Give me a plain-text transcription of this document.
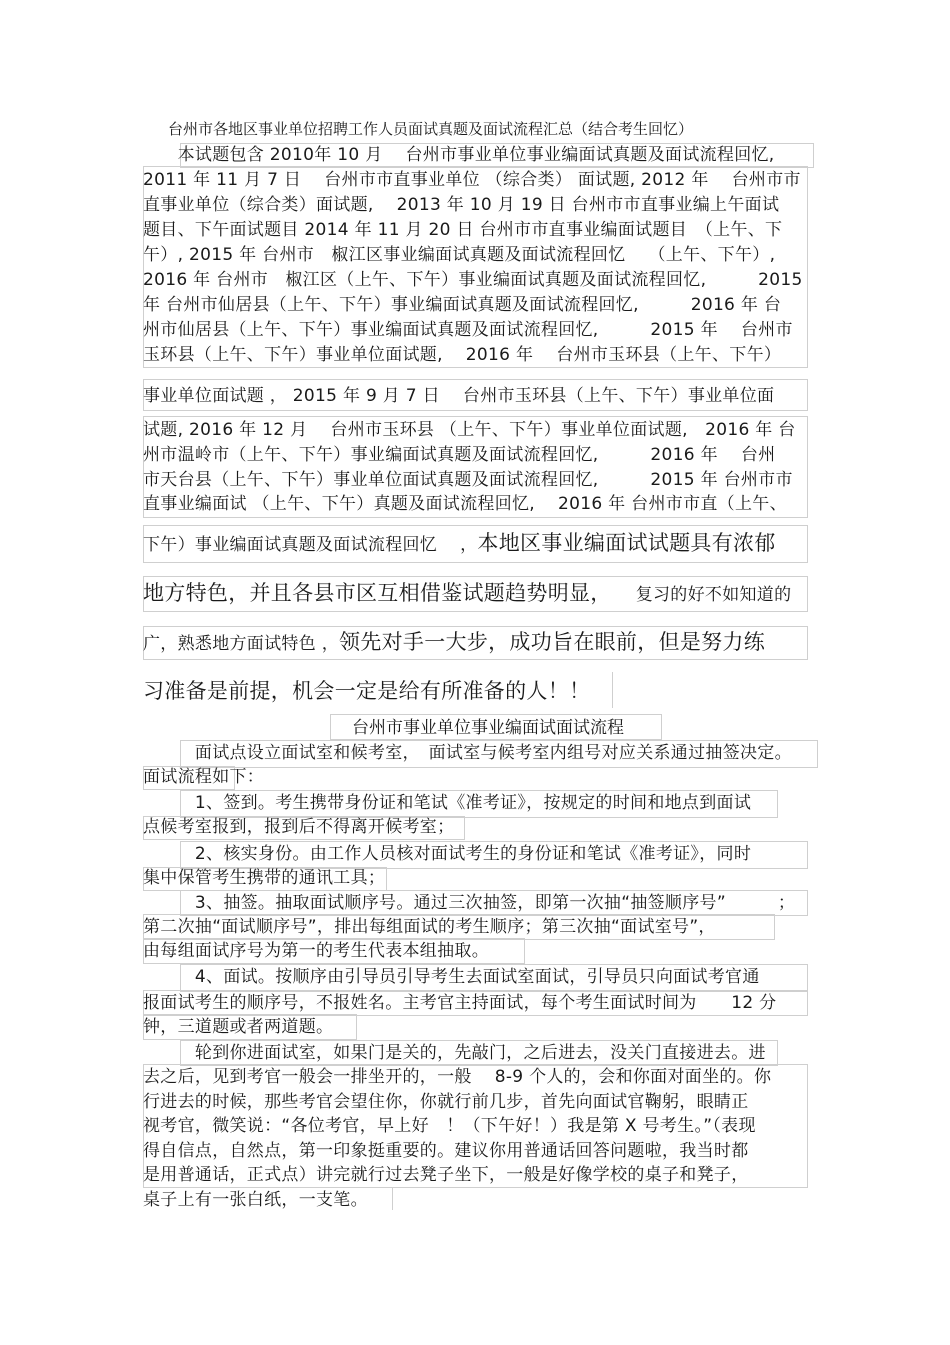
台州市各地区事业单位招聘工作人员面试真题及面试流程汇总（结合考生回忆）
　　本试题包含 2010年 10 月　 台州市事业单位事业编面试真题及面试流程回忆,
2011 年 11 月 7 日　 台州市市直事业单位 （综合类） 面试题, 2012 年　 台州市市
直事业单位（综合类）面试题,　 2013 年 10 月 19 日 台州市市直事业编上午面试
题目、下午面试题目 2014 年 11 月 20 日 台州市市直事业编面试题目　（上午、下
午）, 2015 年 台州市　椒江区事业编面试真题及面试流程回忆　 （上午、下午）,
2016 年 台州市　椒江区（上午、下午）事业编面试真题及面试流程回忆,　　　2015
年 台州市仙居县（上午、下午）事业编面试真题及面试流程回忆,　　　2016 年 台
州市仙居县（上午、下午）事业编面试真题及面试流程回忆,　　　2015 年　 台州市
玉环县（上午、下午）事业单位面试题,　 2016 年　 台州市玉环县（上午、下午）
事业单位面试题 ， 2015 年 9 月 7 日　 台州市玉环县（上午、下午）事业单位面
试题, 2016 年 12 月　 台州市玉环县 （上午、下午）事业单位面试题,　2016 年 台
州市温岭市（上午、下午）事业编面试真题及面试流程回忆,　　　2016 年　 台州
市天台县（上午、下午）事业单位面试真题及面试流程回忆,　　　2015 年 台州市市
直事业编面试 （上午、下午）真题及面试流程回忆,　 2016 年 台州市市直（上午、
下午）事业编面试真题及面试流程回忆　 ，本地区事业编面试试题具有浓郁
地方特色，并且各县市区互相借鉴试题趋势明显，　　复习的好不如知道的
广，熟悉地方面试特色 ，领先对手一大步，成功旨在眼前，但是努力练
习准备是前提，机会一定是给有所准备的人！！
台州市事业单位事业编面试面试流程
　　　面试点设立面试室和候考室，　面试室与候考室内组号对应关系通过抽签决定。
面试流程如下：
　　　1、签到。考生携带身份证和笔试《准考证》，按规定的时间和地点到面试
点候考室报到，报到后不得离开候考室；
　　　2、核实身份。由工作人员核对面试考生的身份证和笔试《准考证》，同时
集中保管考生携带的通讯工具；
　　　3、抽签。抽取面试顺序号。通过三次抽签，即第一次抽“抽签顺序号”　　　；
第二次抽“面试顺序号”，排出每组面试的考生顺序；第三次抽“面试室号”，
由每组面试序号为第一的考生代表本组抽取。
　　　4、面试。按顺序由引导员引导考生去面试室面试，引导员只向面试考官通
报面试考生的顺序号，不报姓名。主考官主持面试，每个考生面试时间为　　12 分
钟，三道题或者两道题。
　　　轮到你进面试室，如果门是关的，先敲门，之后进去，没关门直接进去。进
去之后，见到考官一般会一排坐开的，一般　 8-9 个人的，会和你面对面坐的。你
行进去的时候，那些考官会望住你，你就行前几步，首先向面试官鞠躬，眼睛正
视考官，微笑说：“各位考官，早上好　！（下午好！）我是第 X 号考生。”（表现
得自信点，自然点，第一印象挺重要的。建议你用普通话回答问题啦，我当时都
是用普通话，正式点）讲完就行过去凳子坐下，一般是好像学校的桌子和凳子，
桌子上有一张白纸，一支笔。
